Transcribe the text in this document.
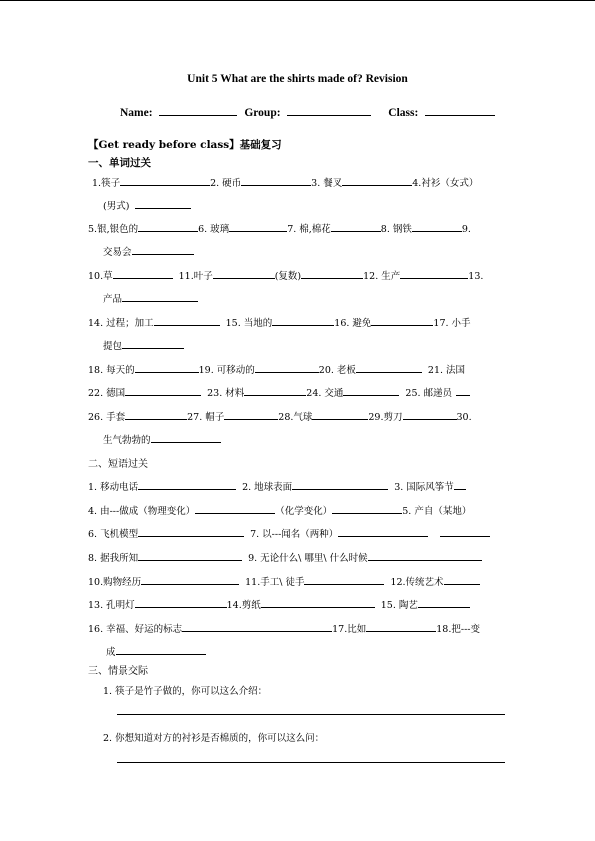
Unit 5 What are the shirts made of? Revision
Name:	Group:	Class:
【Get ready before class】基础复习
一、单词过关
1.筷子	2. 硬币	3. 餐叉	4.衬衫（女式）
(男式)
5.银,银色的	6. 玻璃	7. 棉,棉花	8. 钢铁	9.
交易会
10.草	11.叶子	(复数)	12. 生产	13.
产品
14. 过程；加工	15. 当地的	16. 避免	17. 小手
提包
18. 每天的	19. 可移动的	20. 老板	21. 法国
22. 德国	23. 材料	24. 交通	25. 邮递员
26. 手套	27. 帽子	28.气球	29.剪刀	30.
生气勃勃的
二、短语过关
1. 移动电话	2. 地球表面	3. 国际风筝节
4. 由---做成（物理变化）	（化学变化）	5. 产自（某地）
6. 飞机模型	7. 以---闻名（两种）
8. 据我所知	9. 无论什么\ 哪里\ 什么时候
10.购物经历	11.手工\ 徒手	12.传统艺术
13. 孔明灯	14.剪纸	15. 陶艺
16. 幸福、好运的标志	17.比如	18.把---变
成
三、情景交际
1. 筷子是竹子做的，你可以这么介绍：
2. 你想知道对方的衬衫是否棉质的，你可以这么问：
